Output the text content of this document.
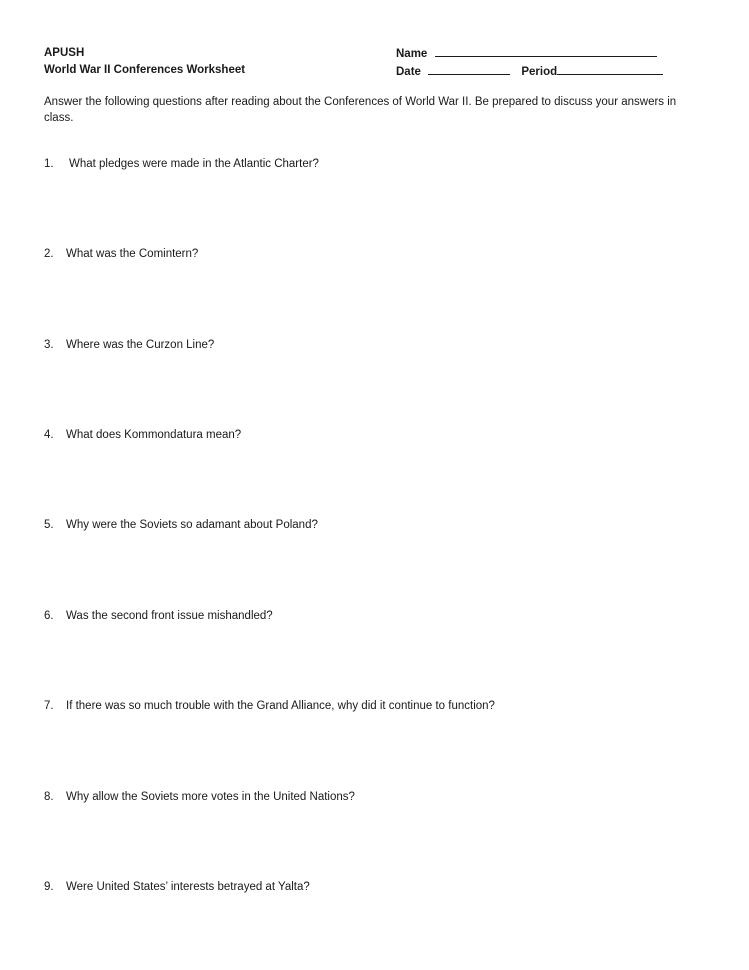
APUSH
World War II Conferences Worksheet
Name
Date	Period
Answer the following questions after reading about the Conferences of World War II. Be prepared to discuss your answers in class.
1. What pledges were made in the Atlantic Charter?
2. What was the Comintern?
3. Where was the Curzon Line?
4. What does Kommondatura mean?
5. Why were the Soviets so adamant about Poland?
6. Was the second front issue mishandled?
7. If there was so much trouble with the Grand Alliance, why did it continue to function?
8. Why allow the Soviets more votes in the United Nations?
9. Were United States’ interests betrayed at Yalta?
